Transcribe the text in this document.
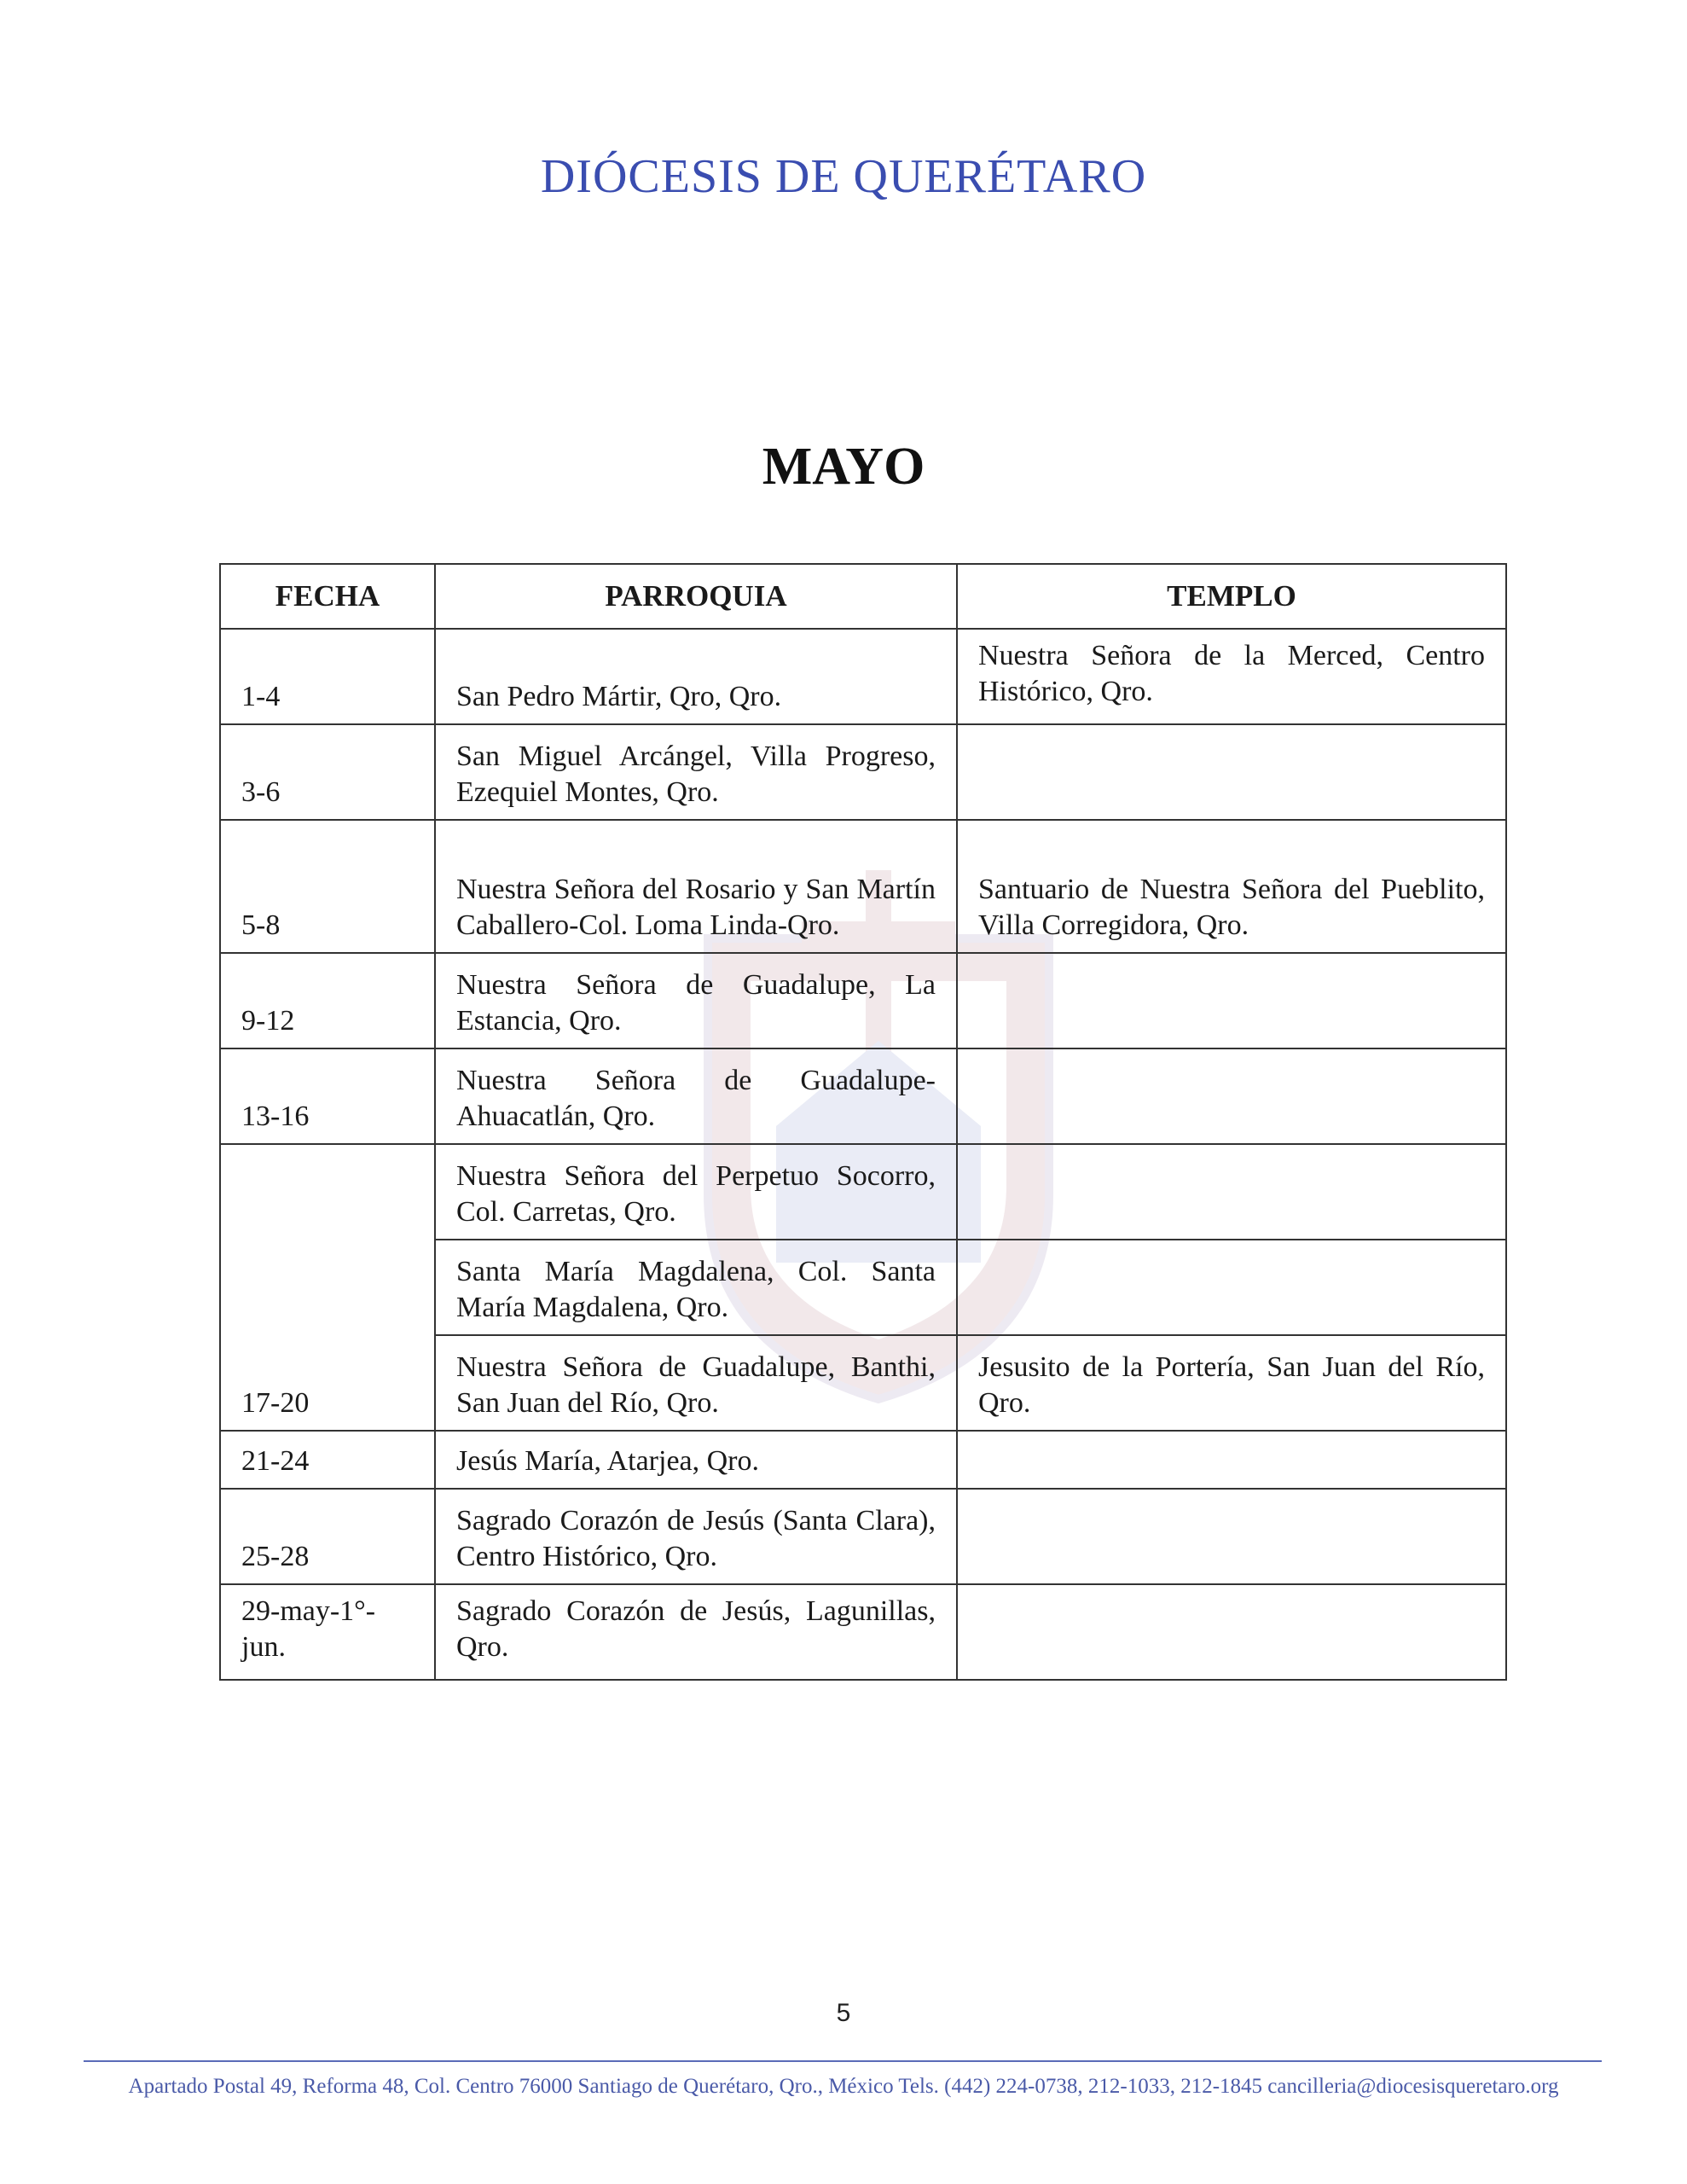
DIÓCESIS DE QUERÉTARO
MAYO
FECHA	PARROQUIA	TEMPLO
1-4	San Pedro Mártir, Qro, Qro.	Nuestra Señora de la Merced, Centro Histórico, Qro.
3-6	San Miguel Arcángel, Villa Progreso, Ezequiel Montes, Qro.	
5-8	Nuestra Señora del Rosario y San Martín Caballero-Col. Loma Linda-Qro.	Santuario de Nuestra Señora del Pueblito, Villa Corregidora, Qro.
9-12	Nuestra Señora de Guadalupe, La Estancia, Qro.	
13-16	Nuestra Señora de Guadalupe-Ahuacatlán, Qro.	
17-20	Nuestra Señora del Perpetuo Socorro, Col. Carretas, Qro.	
	Santa María Magdalena, Col. Santa María Magdalena, Qro.	
	Nuestra Señora de Guadalupe, Banthi, San Juan del Río, Qro.	Jesusito de la Portería, San Juan del Río, Qro.
21-24	Jesús María, Atarjea, Qro.	
25-28	Sagrado Corazón de Jesús (Santa Clara), Centro Histórico, Qro.	
29-may-1°-jun.	Sagrado Corazón de Jesús, Lagunillas, Qro.	
5
Apartado Postal 49, Reforma 48, Col. Centro 76000 Santiago de Querétaro, Qro., México Tels. (442) 224-0738, 212-1033, 212-1845 cancilleria@diocesisqueretaro.org
